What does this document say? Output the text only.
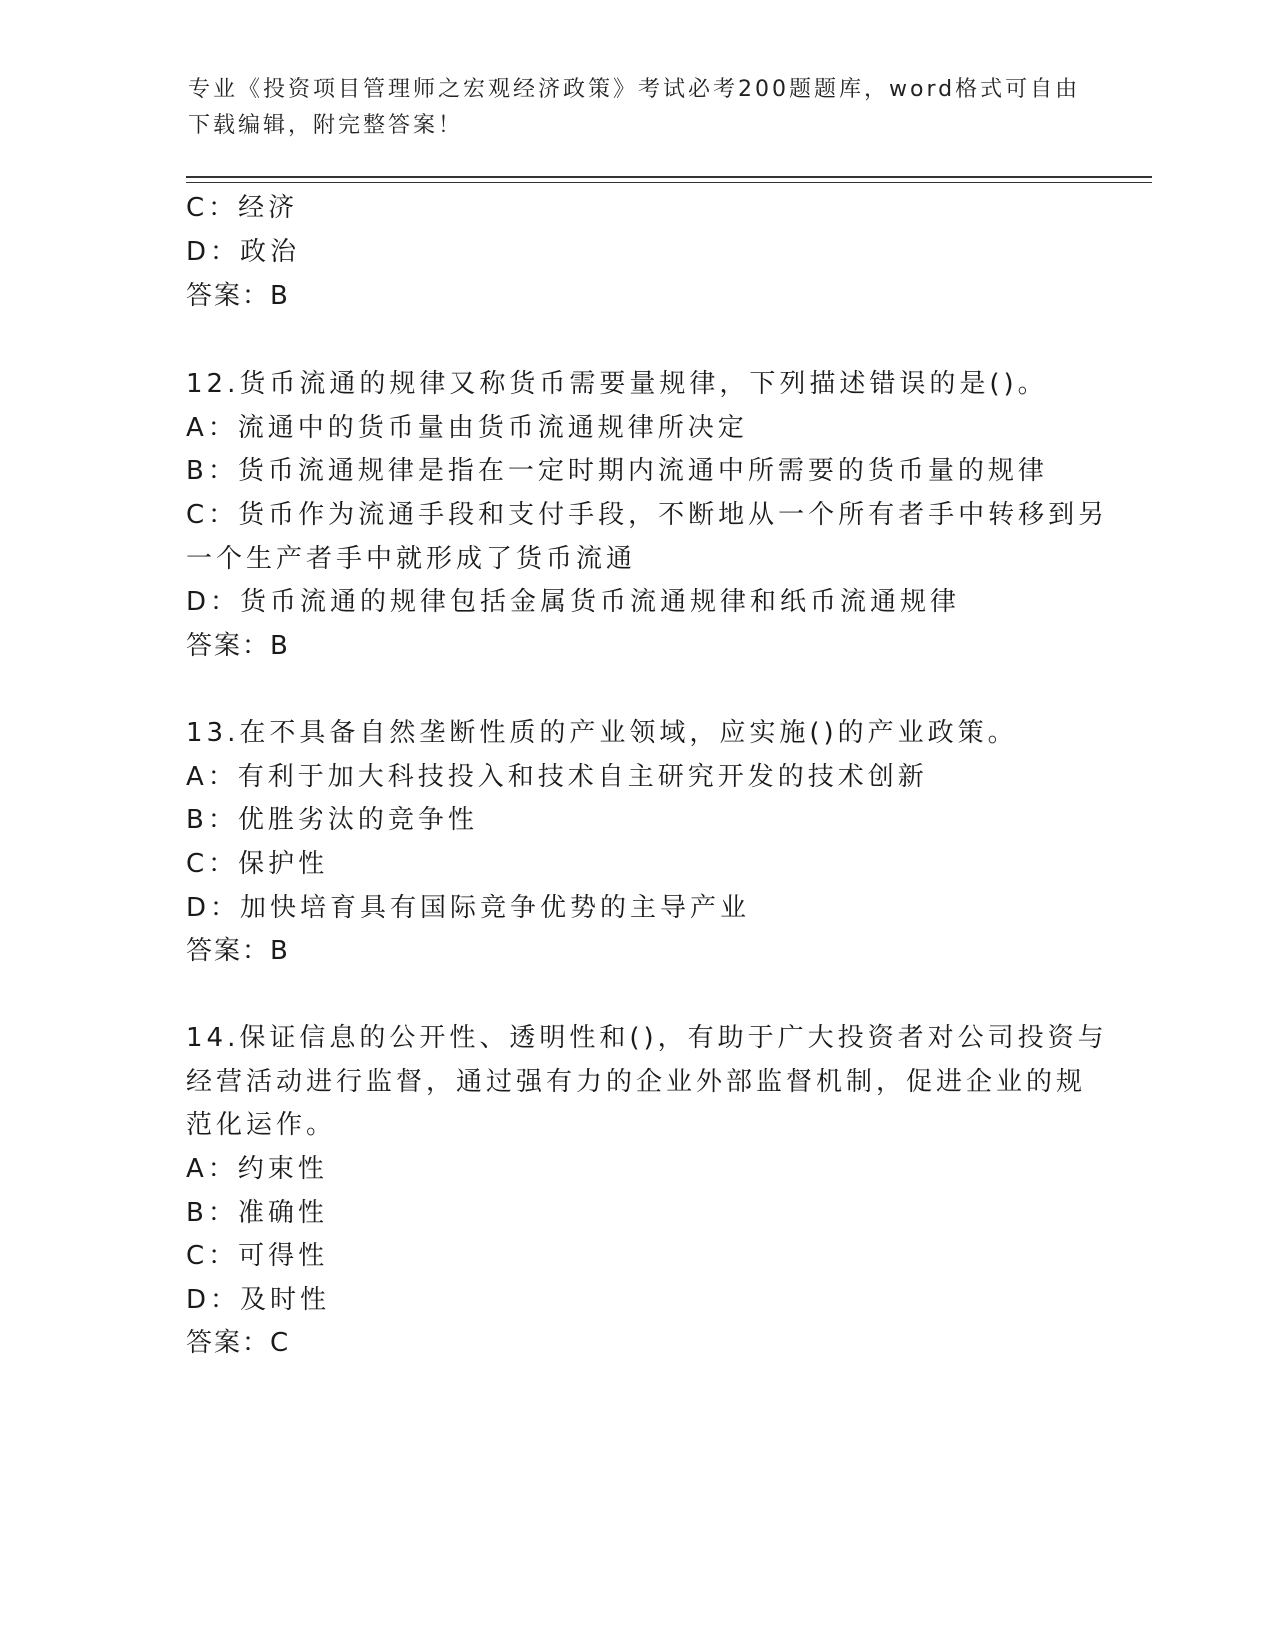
专业《投资项目管理师之宏观经济政策》考试必考200题题库，word格式可自由
下载编辑，附完整答案！
C：经济
D：政治
答案：B
12.货币流通的规律又称货币需要量规律，下列描述错误的是()。
A：流通中的货币量由货币流通规律所决定
B：货币流通规律是指在一定时期内流通中所需要的货币量的规律
C：货币作为流通手段和支付手段，不断地从一个所有者手中转移到另
一个生产者手中就形成了货币流通
D：货币流通的规律包括金属货币流通规律和纸币流通规律
答案：B
13.在不具备自然垄断性质的产业领域，应实施()的产业政策。
A：有利于加大科技投入和技术自主研究开发的技术创新
B：优胜劣汰的竞争性
C：保护性
D：加快培育具有国际竞争优势的主导产业
答案：B
14.保证信息的公开性、透明性和()，有助于广大投资者对公司投资与
经营活动进行监督，通过强有力的企业外部监督机制，促进企业的规
范化运作。
A：约束性
B：准确性
C：可得性
D：及时性
答案：C
